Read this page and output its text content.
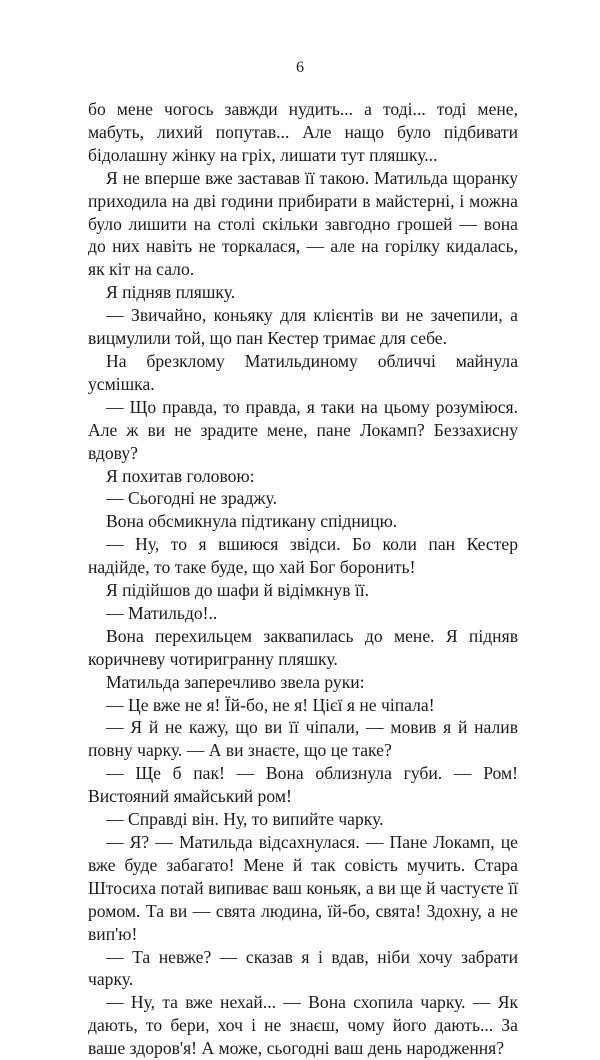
6

бо мене чогось завжди нудить... а тоді... тоді мене, мабуть, лихий попутав... Але нащо було підбивати бідолашну жінку на гріх, лишати тут пляшку...

Я не вперше вже заставав її такою. Матильда щоранку приходила на дві години прибирати в майстерні, і можна було лишити на столі скільки завгодно грошей — вона до них навіть не торкалася, — але на горілку кидалась, як кіт на сало.

Я підняв пляшку.

— Звичайно, коньяку для клієнтів ви не зачепили, а вицмулили той, що пан Кестер тримає для себе.

На брезклому Матильдиному обличчі майнула усмішка.

— Що правда, то правда, я таки на цьому розуміюся. Але ж ви не зрадите мене, пане Локамп? Беззахисну вдову?

Я похитав головою:

— Сьогодні не зраджу.

Вона обсмикнула підтикану спідницю.

— Ну, то я вшиюся звідси. Бо коли пан Кестер надійде, то таке буде, що хай Бог боронить!

Я підійшов до шафи й відімкнув її.

— Матильдо!..

Вона перехильцем заквапилась до мене. Я підняв коричневу чотиригранну пляшку.

Матильда заперечливо звела руки:

— Це вже не я! Їй-бо, не я! Цієї я не чіпала!

— Я й не кажу, що ви її чіпали, — мовив я й налив повну чарку. — А ви знаєте, що це таке?

— Ще б пак! — Вона облизнула губи. — Ром! Вистояний ямайський ром!

— Справді він. Ну, то випийте чарку.

— Я? — Матильда відсахнулася. — Пане Локамп, це вже буде забагато! Мене й так совість мучить. Стара Штосиха потай випиває ваш коньяк, а ви ще й частуєте її ромом. Та ви — свята людина, їй-бо, свята! Здохну, а не вип'ю!

— Та невже? — сказав я і вдав, ніби хочу забрати чарку.

— Ну, та вже нехай... — Вона схопила чарку. — Як дають, то бери, хоч і не знаєш, чому його дають... За ваше здоров'я! А може, сьогодні ваш день народження?
